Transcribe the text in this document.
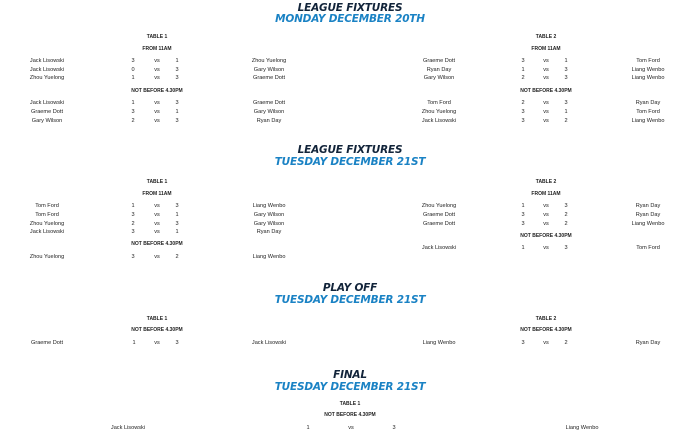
LEAGUE FIXTURES
MONDAY DECEMBER 20TH
TABLE 1
FROM 11AM
Jack Lisowski	3	vs	1	Zhou Yuelong
Jack Lisowski	0	vs	3	Gary Wilson
Zhou Yuelong	1	vs	3	Graeme Dott
NOT BEFORE 4.30PM
Jack Lisowski	1	vs	3	Graeme Dott
Graeme Dott	3	vs	1	Gary Wilson
Gary Wilson	2	vs	3	Ryan Day
TABLE 2
FROM 11AM
Graeme Dott	3	vs	1	Tom Ford
Ryan Day	1	vs	3	Liang Wenbo
Gary Wilson	2	vs	3	Liang Wenbo
NOT BEFORE 4.30PM
Tom Ford	2	vs	3	Ryan Day
Zhou Yuelong	3	vs	1	Tom Ford
Jack Lisowski	3	vs	2	Liang Wenbo
LEAGUE FIXTURES
TUESDAY DECEMBER 21ST
TABLE 1
FROM 11AM
Tom Ford	1	vs	3	Liang Wenbo
Tom Ford	3	vs	1	Gary Wilson
Zhou Yuelong	2	vs	3	Gary Wilson
Jack Lisowski	3	vs	1	Ryan Day
NOT BEFORE 4.30PM
Zhou Yuelong	3	vs	2	Liang Wenbo
TABLE 2
FROM 11AM
Zhou Yuelong	1	vs	3	Ryan Day
Graeme Dott	3	vs	2	Ryan Day
Graeme Dott	3	vs	2	Liang Wenbo
NOT BEFORE 4.30PM
Jack Lisowski	1	vs	3	Tom Ford
PLAY OFF
TUESDAY DECEMBER 21ST
TABLE 1
NOT BEFORE 4.30PM
Graeme Dott	1	vs	3	Jack Lisowski
TABLE 2
NOT BEFORE 4.30PM
Liang Wenbo	3	vs	2	Ryan Day
FINAL
TUESDAY DECEMBER 21ST
TABLE 1
NOT BEFORE 4.30PM
Jack Lisowski	1	vs	3	Liang Wenbo
